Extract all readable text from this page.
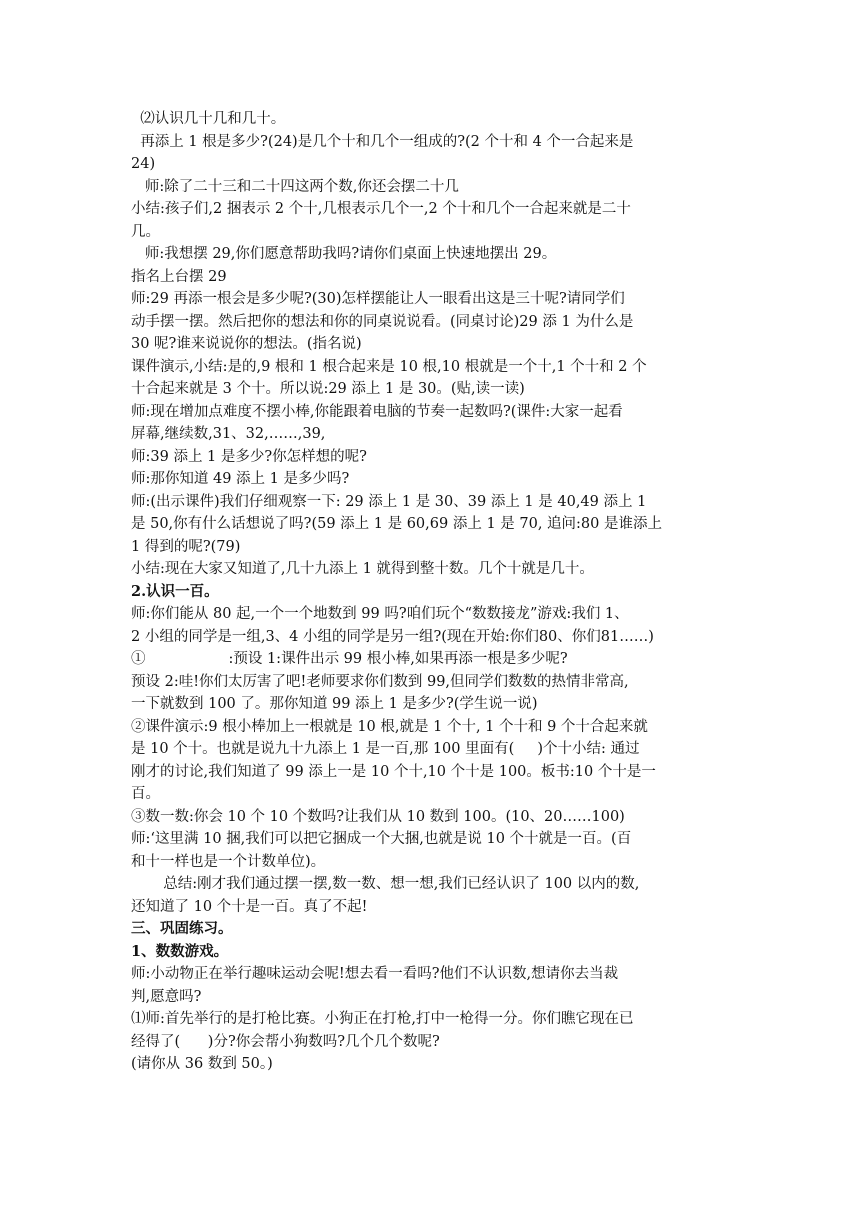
⑵认识几十几和几十。
再添上 1 根是多少?(24)是几个十和几个一组成的?(2 个十和 4 个一合起来是
24)
师:除了二十三和二十四这两个数,你还会摆二十几
小结:孩子们,2 捆表示 2 个十,几根表示几个一,2 个十和几个一合起来就是二十
几。
师:我想摆 29,你们愿意帮助我吗?请你们桌面上快速地摆出 29。
指名上台摆 29
师:29 再添一根会是多少呢?(30)怎样摆能让人一眼看出这是三十呢?请同学们
动手摆一摆。然后把你的想法和你的同桌说说看。(同桌讨论)29 添 1 为什么是
30 呢?谁来说说你的想法。(指名说)
课件演示,小结:是的,9 根和 1 根合起来是 10 根,10 根就是一个十,1 个十和 2 个
十合起来就是 3 个十。所以说:29 添上 1 是 30。(贴,读一读)
师:现在增加点难度不摆小棒,你能跟着电脑的节奏一起数吗?(课件:大家一起看
屏幕,继续数,31、32,……,39,
师:39 添上 1 是多少?你怎样想的呢?
师:那你知道 49 添上 1 是多少吗?
师:(出示课件)我们仔细观察一下: 29 添上 1 是 30、39 添上 1 是 40,49 添上 1
是 50,你有什么话想说了吗?(59 添上 1 是 60,69 添上 1 是 70, 追问:80 是谁添上
1 得到的呢?(79)
小结:现在大家又知道了,几十九添上 1 就得到整十数。几个十就是几十。
2.认识一百。
师:你们能从 80 起,一个一个地数到 99 吗?咱们玩个“数数接龙”游戏:我们 1、
2 小组的同学是一组,3、4 小组的同学是另一组?(现在开始:你们80、你们81……)
①                  :预设 1:课件出示 99 根小棒,如果再添一根是多少呢?
预设 2:哇!你们太厉害了吧!老师要求你们数到 99,但同学们数数的热情非常高,
一下就数到 100 了。那你知道 99 添上 1 是多少?(学生说一说)
②课件演示:9 根小棒加上一根就是 10 根,就是 1 个十, 1 个十和 9 个十合起来就
是 10 个十。也就是说九十九添上 1 是一百,那 100 里面有(     )个十小结: 通过
刚才的讨论,我们知道了 99 添上一是 10 个十,10 个十是 100。板书:10 个十是一
百。
③数一数:你会 10 个 10 个数吗?让我们从 10 数到 100。(10、20……100)
师:‘这里满 10 捆,我们可以把它捆成一个大捆,也就是说 10 个十就是一百。(百
和十一样也是一个计数单位)。
总结:刚才我们通过摆一摆,数一数、想一想,我们已经认识了 100 以内的数,
还知道了 10 个十是一百。真了不起!
三、巩固练习。
1、数数游戏。
师:小动物正在举行趣味运动会呢!想去看一看吗?他们不认识数,想请你去当裁
判,愿意吗?
⑴师:首先举行的是打枪比赛。小狗正在打枪,打中一枪得一分。你们瞧它现在已
经得了(      )分?你会帮小狗数吗?几个几个数呢?
(请你从 36 数到 50。)
